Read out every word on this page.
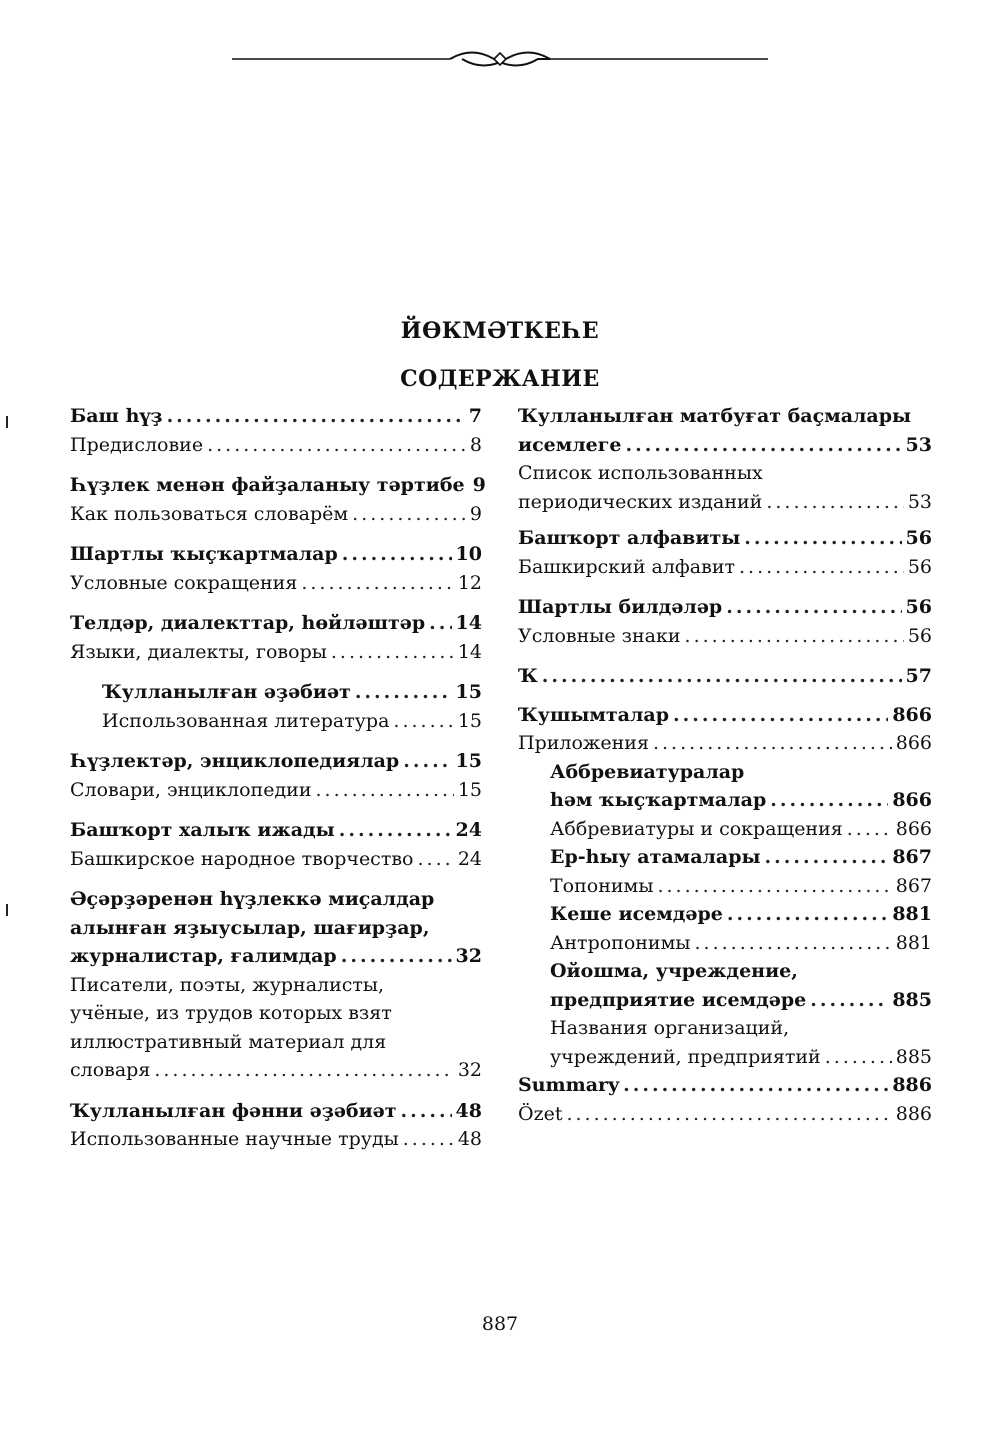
ЙӨКМӘТКЕҺЕ
СОДЕРЖАНИЕ
Баш һүҙ .....	7
Предисловие .....	8
Һүҙлек менән файҙаланыу тәртибе 9
Как пользоваться словарём .....	9
Шартлы ҡыҫҡартмалар .....	10
Условные сокращения .....	12
Телдәр, диалекттар, һөйләштәр ..... 14
Языки, диалекты, говоры .....	14
Ҡулланылған әҙәбиәт .....	15
Использованная литература .....	15
Һүҙлектәр, энциклопедиялар .....	15
Словари, энциклопедии .....	15
Башҡорт халыҡ ижады .....	24
Башкирское народное творчество ..... 24
Әҫәрҙәренән һүҙлеккә миҫалдар
алынған яҙыусылар, шағирҙар,
журналистар, ғалимдар .....	32
Писатели, поэты, журналисты,
учёные, из трудов которых взят
иллюстративный материал для
словаря .....	32
Ҡулланылған фәнни әҙәбиәт .....	48
Использованные научные труды .....	48
Ҡулланылған матбуғат баҫмалары
исемлеге .....	53
Список использованных
периодических изданий .....	53
Башҡорт алфавиты .....	56
Башкирский алфавит .....	56
Шартлы билдәләр .....	56
Условные знаки .....	56
Ҡ .....	57
Ҡушымталар .....	866
Приложения .....	866
Аббревиатуралар
һәм ҡыҫҡартмалар .....	866
Аббревиатуры и сокращения .....	866
Ер-һыу атамалары .....	867
Топонимы .....	867
Кеше исемдәре .....	881
Антропонимы .....	881
Ойошма, учреждение,
предприятие исемдәре .....	885
Названия организаций,
учреждений, предприятий .....	885
Summary .....	886
Özet .....	886
887
